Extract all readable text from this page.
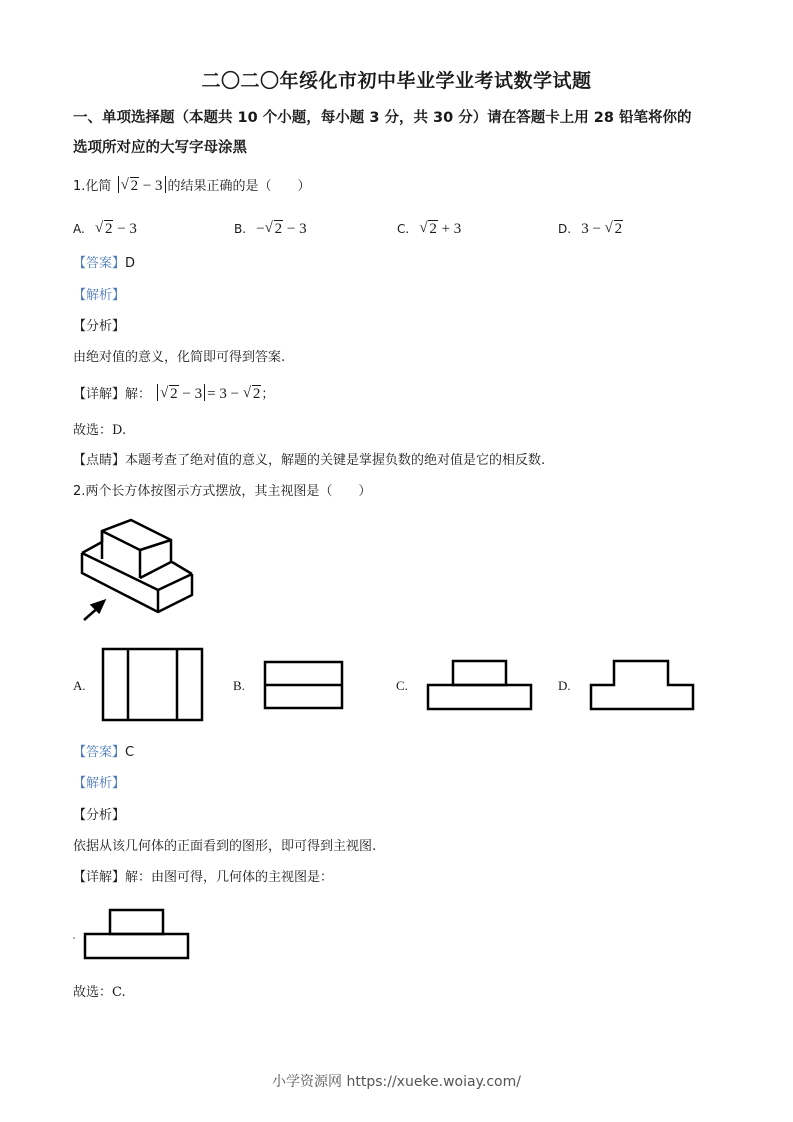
二〇二〇年绥化市初中毕业学业考试数学试题
一、单项选择题（本题共 10 个小题，每小题 3 分，共 30 分）请在答题卡上用 28 铅笔将你的
选项所对应的大写字母涂黑
1.化简 √ 2 − 3 的结果正确的是（　　）
A. √ 2 − 3	B. − √ 2 − 3	C. √ 2 + 3	D. 3 − √ 2
【答案】D
【解析】
【分析】
由绝对值的意义，化简即可得到答案.
【详解】解： √ 2 − 3 = 3 − √ 2；
故选：D.
【点睛】本题考查了绝对值的意义，解题的关键是掌握负数的绝对值是它的相反数.
2.两个长方体按图示方式摆放，其主视图是（　　）
A.	B.	C.	D.
【答案】C
【解析】
【分析】
依据从该几何体的正面看到的图形，即可得到主视图.
【详解】解：由图可得，几何体的主视图是：
故选：C.
小学资源网 https://xueke.woiay.com/
